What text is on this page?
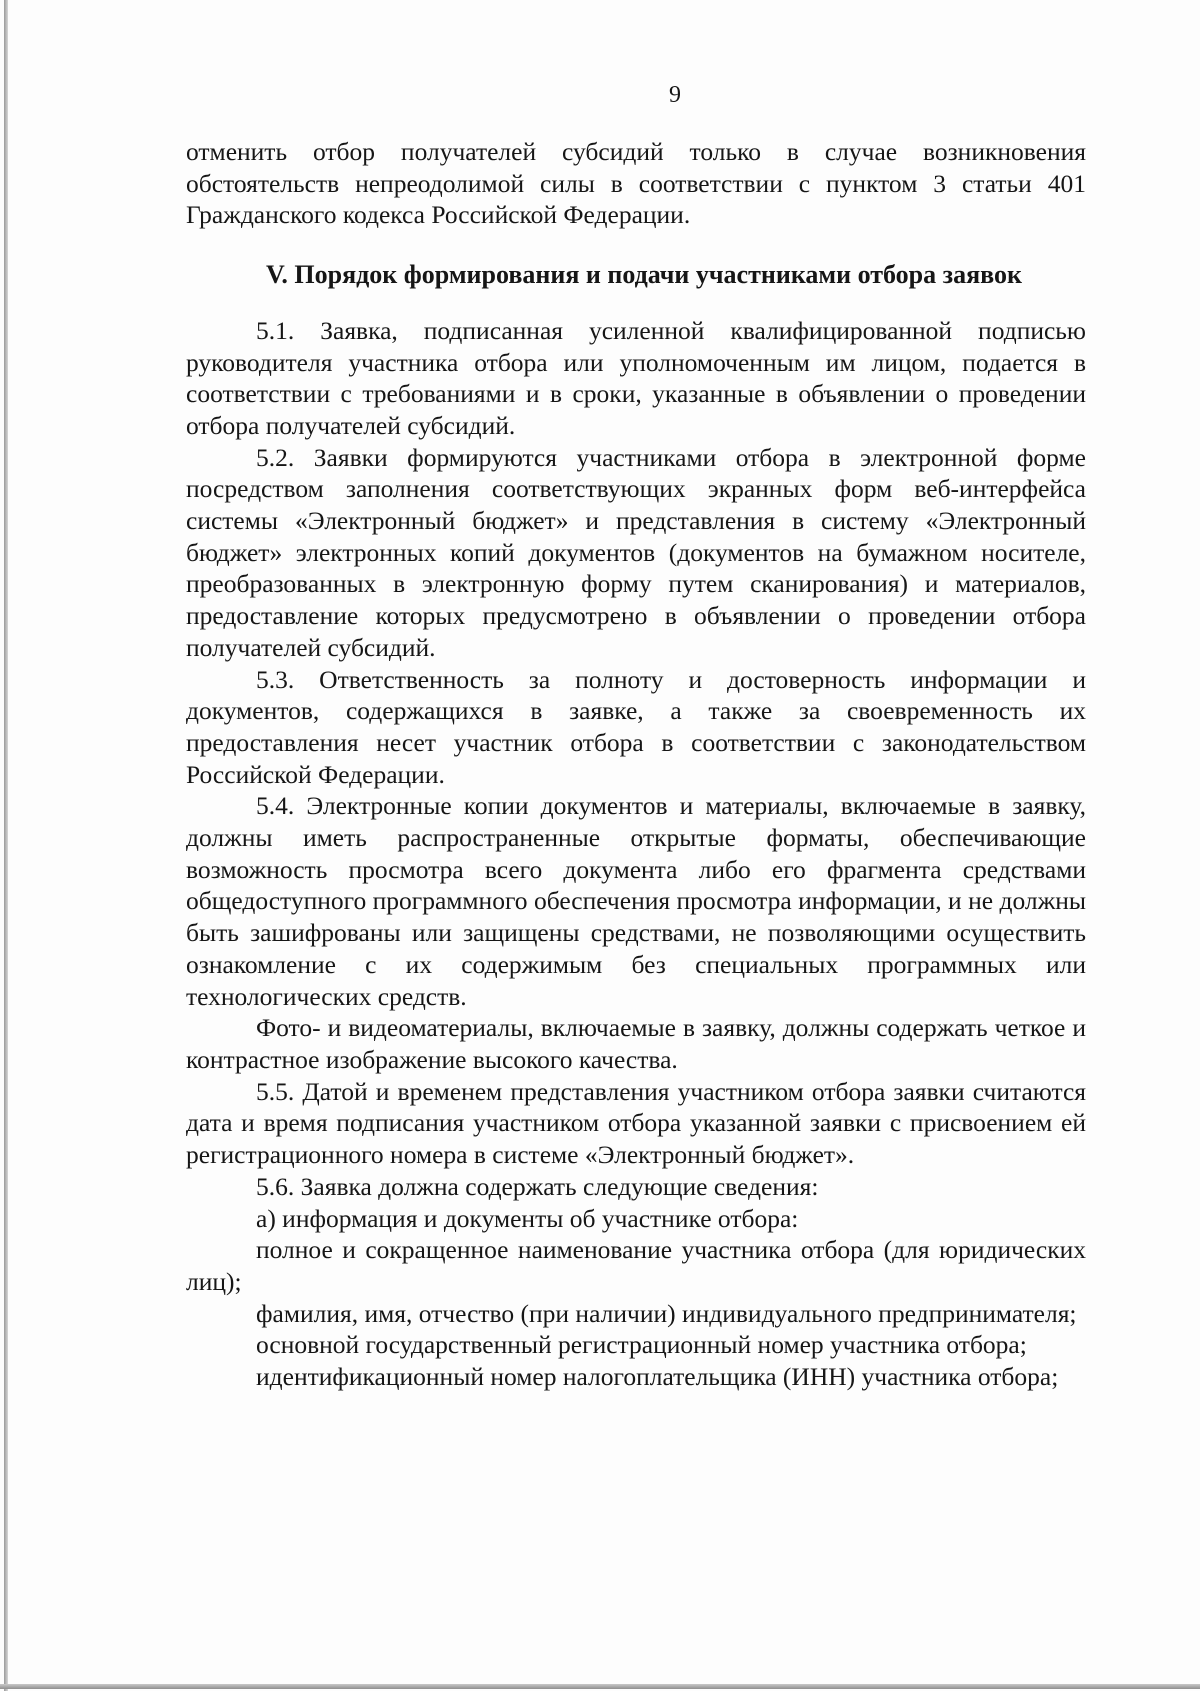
9

отменить отбор получателей субсидий только в случае возникновения обстоятельств непреодолимой силы в соответствии с пунктом 3 статьи 401 Гражданского кодекса Российской Федерации.

V. Порядок формирования и подачи участниками отбора заявок

5.1. Заявка, подписанная усиленной квалифицированной подписью руководителя участника отбора или уполномоченным им лицом, подается в соответствии с требованиями и в сроки, указанные в объявлении о проведении отбора получателей субсидий.

5.2. Заявки формируются участниками отбора в электронной форме посредством заполнения соответствующих экранных форм веб-интерфейса системы «Электронный бюджет» и представления в систему «Электронный бюджет» электронных копий документов (документов на бумажном носителе, преобразованных в электронную форму путем сканирования) и материалов, предоставление которых предусмотрено в объявлении о проведении отбора получателей субсидий.

5.3. Ответственность за полноту и достоверность информации и документов, содержащихся в заявке, а также за своевременность их предоставления несет участник отбора в соответствии с законодательством Российской Федерации.

5.4. Электронные копии документов и материалы, включаемые в заявку, должны иметь распространенные открытые форматы, обеспечивающие возможность просмотра всего документа либо его фрагмента средствами общедоступного программного обеспечения просмотра информации, и не должны быть зашифрованы или защищены средствами, не позволяющими осуществить ознакомление с их содержимым без специальных программных или технологических средств.

Фото- и видеоматериалы, включаемые в заявку, должны содержать четкое и контрастное изображение высокого качества.

5.5. Датой и временем представления участником отбора заявки считаются дата и время подписания участником отбора указанной заявки с присвоением ей регистрационного номера в системе «Электронный бюджет».

5.6. Заявка должна содержать следующие сведения:

а) информация и документы об участнике отбора:

полное и сокращенное наименование участника отбора (для юридических лиц);

фамилия, имя, отчество (при наличии) индивидуального предпринимателя;

основной государственный регистрационный номер участника отбора;

идентификационный номер налогоплательщика (ИНН) участника отбора;
